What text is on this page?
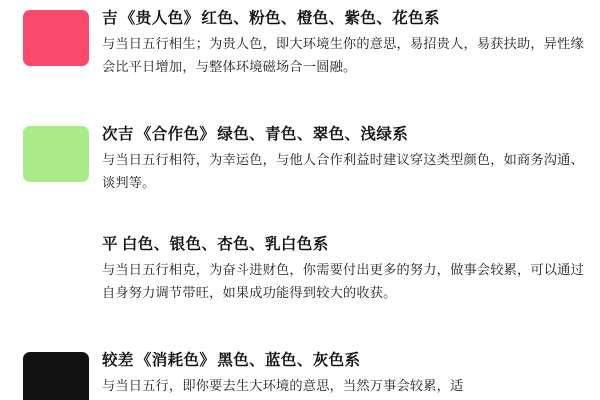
吉 《贵人色》 红色、粉色、橙色、紫色、花色系
与当日五行相生；为贵人色，即大环境生你的意思，易招贵人，易获扶助，异性缘会比平日增加，与整体环境磁场合一圆融。
次吉 《合作色》 绿色、青色、翠色、浅绿系
与当日五行相符，为幸运色，与他人合作利益时建议穿这类型颜色，如商务沟通、谈判等。
平 白色、银色、杏色、乳白色系
与当日五行相克，为奋斗进财色，你需要付出更多的努力，做事会较累，可以通过自身努力调节带旺，如果成功能得到较大的收获。
较差 《消耗色》 黑色、蓝色、灰色系
与当日五行，即你要去生大环境的意思，当然万事会较累，适
